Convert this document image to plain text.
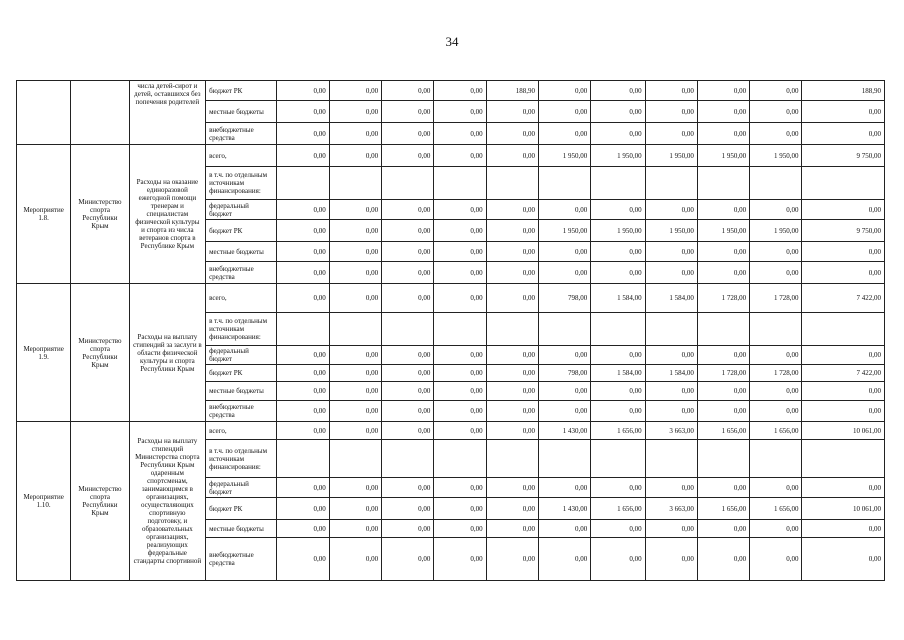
34
		числа детей-сирот и детей, оставшихся без попечения родителей	бюджет РК	0,00	0,00	0,00	0,00	188,90	0,00	0,00	0,00	0,00	0,00	188,90
			местные бюджеты	0,00	0,00	0,00	0,00	0,00	0,00	0,00	0,00	0,00	0,00	0,00
			внебюджетные средства	0,00	0,00	0,00	0,00	0,00	0,00	0,00	0,00	0,00	0,00	0,00
Мероприятие 1.8.	Министерство спорта Республики Крым	Расходы на оказание единоразовой ежегодной помощи тренерам и специалистам физической культуры и спорта из числа ветеранов спорта в Республике Крым	всего,	0,00	0,00	0,00	0,00	0,00	1 950,00	1 950,00	1 950,00	1 950,00	1 950,00	9 750,00
			в т.ч. по отдельным источникам финансирования:											
			федеральный бюджет	0,00	0,00	0,00	0,00	0,00	0,00	0,00	0,00	0,00	0,00	0,00
			бюджет РК	0,00	0,00	0,00	0,00	0,00	1 950,00	1 950,00	1 950,00	1 950,00	1 950,00	9 750,00
			местные бюджеты	0,00	0,00	0,00	0,00	0,00	0,00	0,00	0,00	0,00	0,00	0,00
			внебюджетные средства	0,00	0,00	0,00	0,00	0,00	0,00	0,00	0,00	0,00	0,00	0,00
Мероприятие 1.9.	Министерство спорта Республики Крым	Расходы на выплату стипендий за заслуги в области физической культуры и спорта Республики Крым	всего,	0,00	0,00	0,00	0,00	0,00	798,00	1 584,00	1 584,00	1 728,00	1 728,00	7 422,00
			в т.ч. по отдельным источникам финансирования:											
			федеральный бюджет	0,00	0,00	0,00	0,00	0,00	0,00	0,00	0,00	0,00	0,00	0,00
			бюджет РК	0,00	0,00	0,00	0,00	0,00	798,00	1 584,00	1 584,00	1 728,00	1 728,00	7 422,00
			местные бюджеты	0,00	0,00	0,00	0,00	0,00	0,00	0,00	0,00	0,00	0,00	0,00
			внебюджетные средства	0,00	0,00	0,00	0,00	0,00	0,00	0,00	0,00	0,00	0,00	0,00
Мероприятие 1.10.	Министерство спорта Республики Крым	Расходы на выплату стипендий Министерства спорта Республики Крым одаренным спортсменам, занимающимся в организациях, осуществляющих спортивную подготовку, и образовательных организациях, реализующих федеральные стандарты спортивной	всего,	0,00	0,00	0,00	0,00	0,00	1 430,00	1 656,00	3 663,00	1 656,00	1 656,00	10 061,00
			в т.ч. по отдельным источникам финансирования:											
			федеральный бюджет	0,00	0,00	0,00	0,00	0,00	0,00	0,00	0,00	0,00	0,00	0,00
			бюджет РК	0,00	0,00	0,00	0,00	0,00	1 430,00	1 656,00	3 663,00	1 656,00	1 656,00	10 061,00
			местные бюджеты	0,00	0,00	0,00	0,00	0,00	0,00	0,00	0,00	0,00	0,00	0,00
			внебюджетные средства	0,00	0,00	0,00	0,00	0,00	0,00	0,00	0,00	0,00	0,00	0,00
